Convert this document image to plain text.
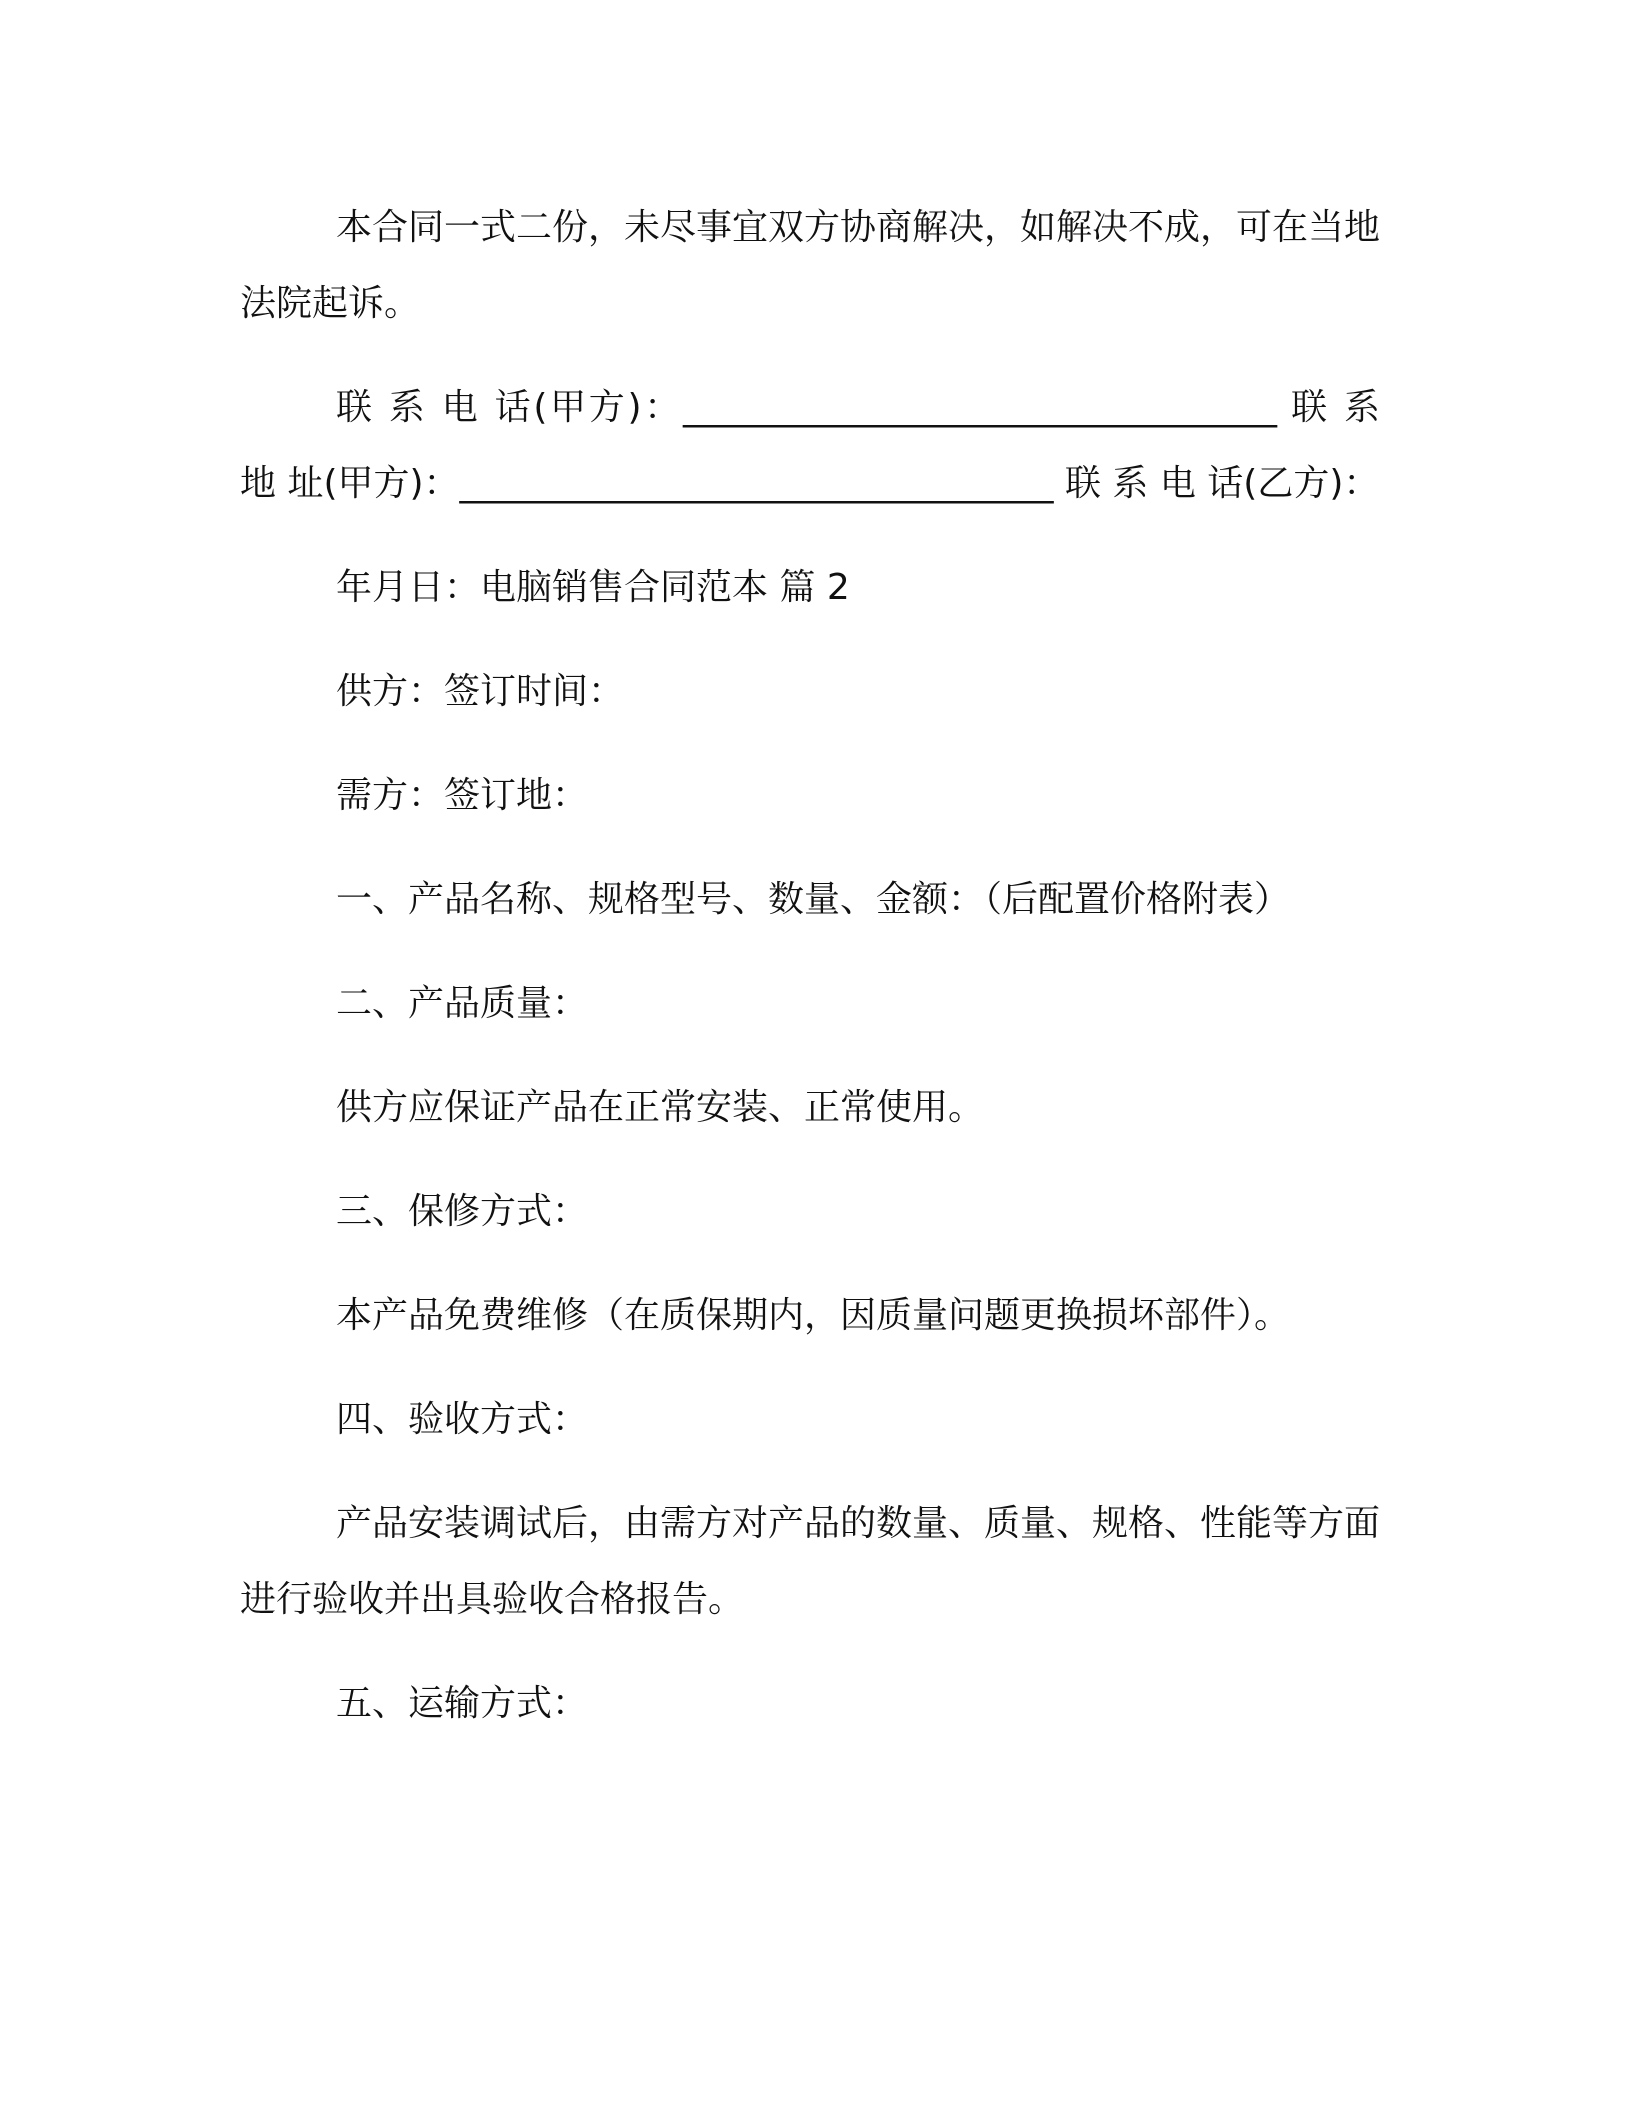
本合同一式二份，未尽事宜双方协商解决，如解决不成，可在当地法院起诉。

联 系 电 话(甲方)：_________________________________ 联 系 地 址(甲方)：_________________________________ 联 系 电 话(乙方)：

年月日：电脑销售合同范本 篇 2

供方：签订时间：

需方：签订地：

一、产品名称、规格型号、数量、金额：（后配置价格附表）

二、产品质量：

供方应保证产品在正常安装、正常使用。

三、保修方式：

本产品免费维修（在质保期内，因质量问题更换损坏部件）。

四、验收方式：

产品安装调试后，由需方对产品的数量、质量、规格、性能等方面进行验收并出具验收合格报告。

五、运输方式：
